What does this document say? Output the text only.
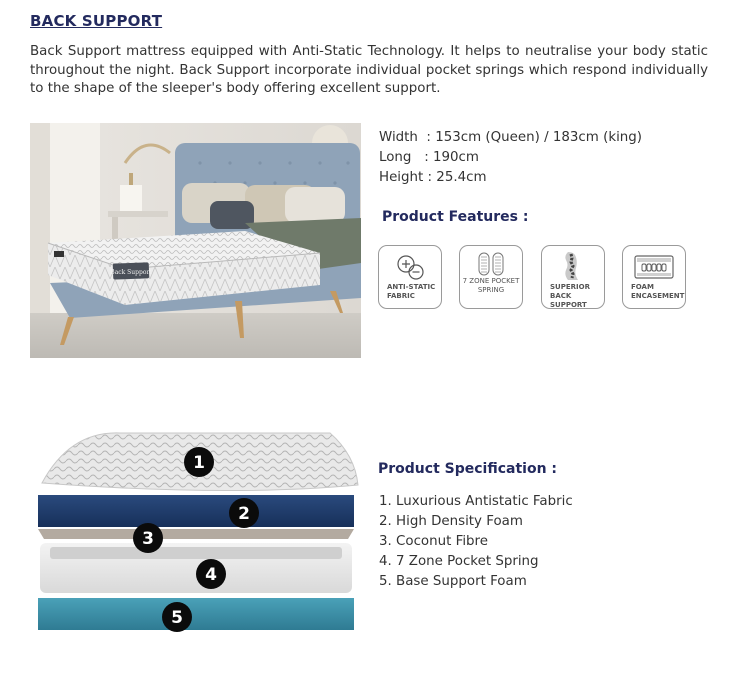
BACK SUPPORT
Back Support mattress equipped with Anti-Static Technology. It helps to neutralise your body static throughout the night. Back Support incorporate individual pocket springs which respond individually to the shape of the sleeper's body offering excellent support.
Back Support
Width  : 153cm (Queen) / 183cm (king)
Long   : 190cm
Height : 25.4cm
Product Features :
ANTI-STATIC FABRIC
7 ZONE POCKET SPRING	SUPERIOR BACK SUPPORT
FOAM ENCASEMENT
1
2
3
4
5
Product Specification :
1. Luxurious Antistatic Fabric
2. High Density Foam
3. Coconut Fibre
4. 7 Zone Pocket Spring
5. Base Support Foam
